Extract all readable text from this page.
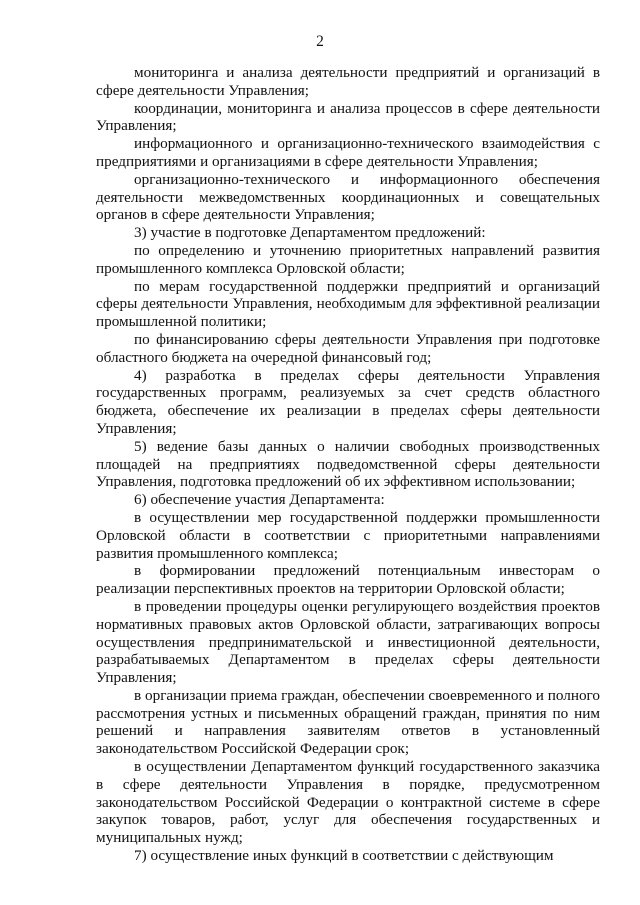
2

мониторинга и анализа деятельности предприятий и организаций в сфере деятельности Управления;

координации, мониторинга и анализа процессов в сфере деятельности Управления;

информационного и организационно-технического взаимодействия с предприятиями и организациями в сфере деятельности Управления;

организационно-технического и информационного обеспечения деятельности межведомственных координационных и совещательных органов в сфере деятельности Управления;

3) участие в подготовке Департаментом предложений:

по определению и уточнению приоритетных направлений развития промышленного комплекса Орловской области;

по мерам государственной поддержки предприятий и организаций сферы деятельности Управления, необходимым для эффективной реализации промышленной политики;

по финансированию сферы деятельности Управления при подготовке областного бюджета на очередной финансовый год;

4) разработка в пределах сферы деятельности Управления государственных программ, реализуемых за счет средств областного бюджета, обеспечение их реализации в пределах сферы деятельности Управления;

5) ведение базы данных о наличии свободных производственных площадей на предприятиях подведомственной сферы деятельности Управления, подготовка предложений об их эффективном использовании;

6) обеспечение участия Департамента:

в осуществлении мер государственной поддержки промышленности Орловской области в соответствии с приоритетными направлениями развития промышленного комплекса;

в формировании предложений потенциальным инвесторам о реализации перспективных проектов на территории Орловской области;

в проведении процедуры оценки регулирующего воздействия проектов нормативных правовых актов Орловской области, затрагивающих вопросы осуществления предпринимательской и инвестиционной деятельности, разрабатываемых Департаментом в пределах сферы деятельности Управления;

в организации приема граждан, обеспечении своевременного и полного рассмотрения устных и письменных обращений граждан, принятия по ним решений и направления заявителям ответов в установленный законодательством Российской Федерации срок;

в осуществлении Департаментом функций государственного заказчика в сфере деятельности Управления в порядке, предусмотренном законодательством Российской Федерации о контрактной системе в сфере закупок товаров, работ, услуг для обеспечения государственных и муниципальных нужд;

7) осуществление иных функций в соответствии с действующим
